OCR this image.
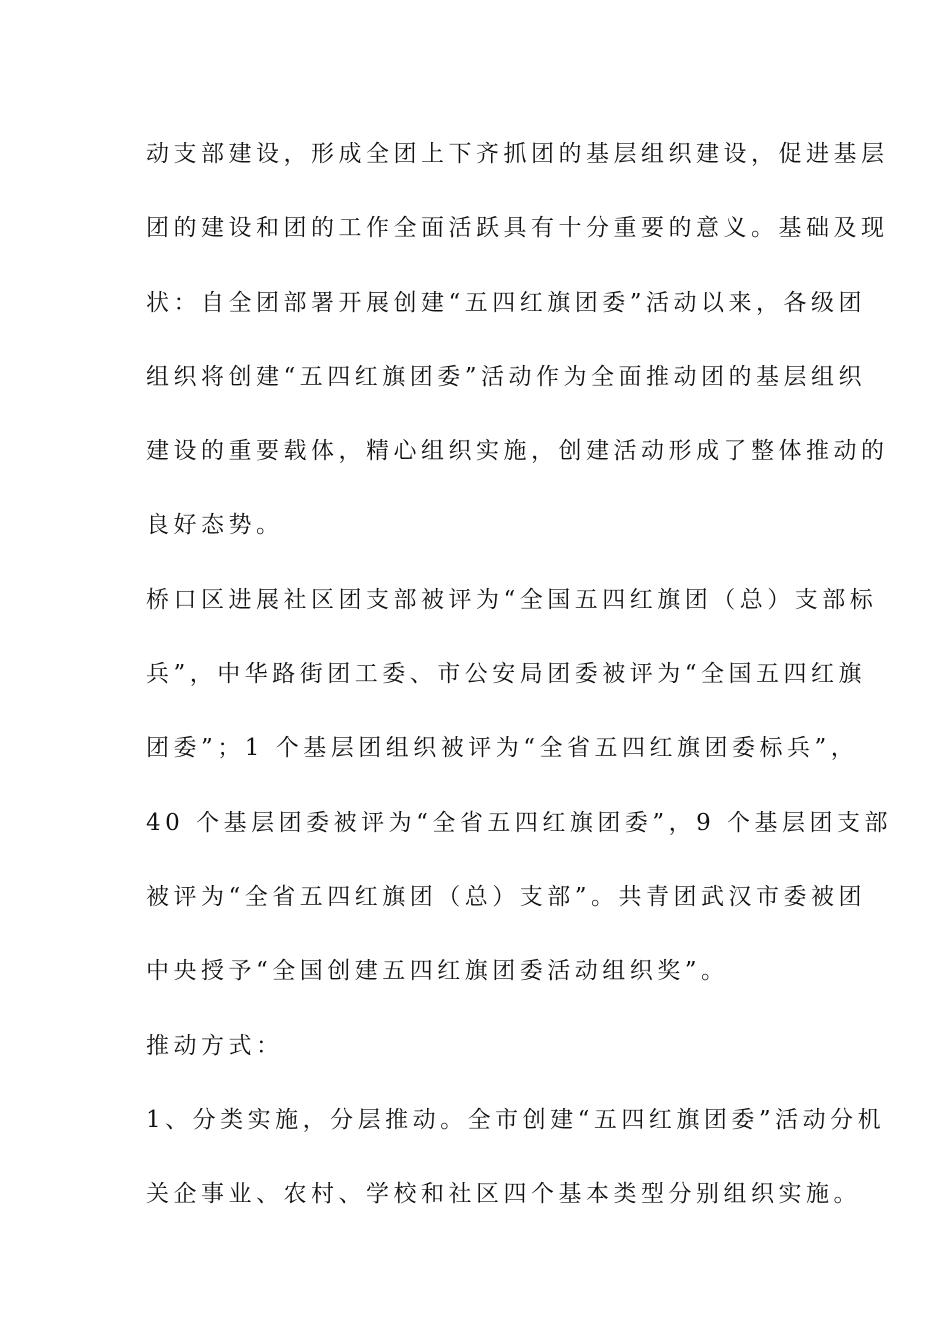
动支部建设，形成全团上下齐抓团的基层组织建设，促进基层
团的建设和团的工作全面活跃具有十分重要的意义。基础及现
状：自全团部署开展创建“五四红旗团委”活动以来，各级团
组织将创建“五四红旗团委”活动作为全面推动团的基层组织
建设的重要载体，精心组织实施，创建活动形成了整体推动的
良好态势。
桥口区进展社区团支部被评为“全国五四红旗团（总）支部标
兵”，中华路街团工委、市公安局团委被评为“全国五四红旗
团委”；1 个基层团组织被评为“全省五四红旗团委标兵”，
40 个基层团委被评为“全省五四红旗团委”，9 个基层团支部
被评为“全省五四红旗团（总）支部”。共青团武汉市委被团
中央授予“全国创建五四红旗团委活动组织奖”。
推动方式：
1、分类实施，分层推动。全市创建“五四红旗团委”活动分机
关企事业、农村、学校和社区四个基本类型分别组织实施。
